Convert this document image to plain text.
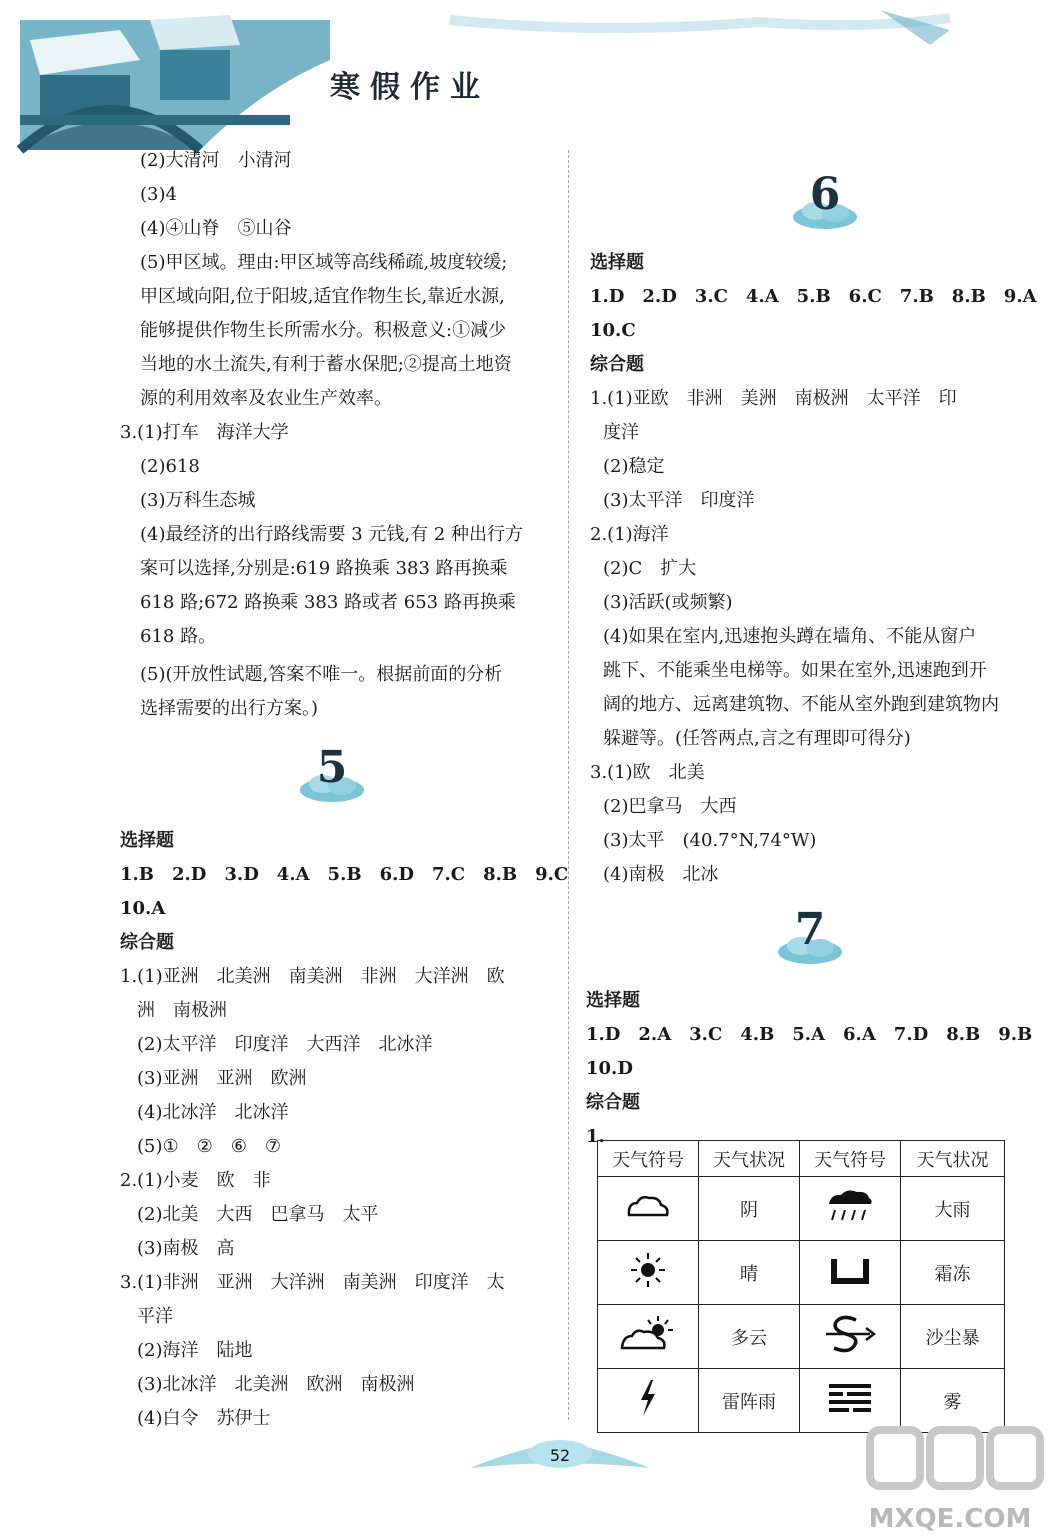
寒假作业
(2)大清河　小清河
(3)4
(4)④山脊　⑤山谷
(5)甲区域。理由:甲区域等高线稀疏,坡度较缓;
甲区域向阳,位于阳坡,适宜作物生长,靠近水源,
能够提供作物生长所需水分。积极意义:①减少
当地的水土流失,有利于蓄水保肥;②提高土地资
源的利用效率及农业生产效率。
3.(1)打车　海洋大学
(2)618
(3)万科生态城
(4)最经济的出行路线需要 3 元钱,有 2 种出行方
案可以选择,分别是:619 路换乘 383 路再换乘
618 路;672 路换乘 383 路或者 653 路再换乘
618 路。
(5)(开放性试题,答案不唯一。根据前面的分析
选择需要的出行方案。)
5
选择题
1.B　2.D　3.D　4.A　5.B　6.D　7.C　8.B　9.C
10.A
综合题
1.(1)亚洲　北美洲　南美洲　非洲　大洋洲　欧
洲　南极洲
(2)太平洋　印度洋　大西洋　北冰洋
(3)亚洲　亚洲　欧洲
(4)北冰洋　北冰洋
(5)①　②　⑥　⑦
2.(1)小麦　欧　非
(2)北美　大西　巴拿马　太平
(3)南极　高
3.(1)非洲　亚洲　大洋洲　南美洲　印度洋　太
平洋
(2)海洋　陆地
(3)北冰洋　北美洲　欧洲　南极洲
(4)白令　苏伊士
6
选择题
1.D　2.D　3.C　4.A　5.B　6.C　7.B　8.B　9.A
10.C
综合题
1.(1)亚欧　非洲　美洲　南极洲　太平洋　印
度洋
(2)稳定
(3)太平洋　印度洋
2.(1)海洋
(2)C　扩大
(3)活跃(或频繁)
(4)如果在室内,迅速抱头蹲在墙角、不能从窗户
跳下、不能乘坐电梯等。如果在室外,迅速跑到开
阔的地方、远离建筑物、不能从室外跑到建筑物内
躲避等。(任答两点,言之有理即可得分)
3.(1)欧　北美
(2)巴拿马　大西
(3)太平　(40.7°N,74°W)
(4)南极　北冰
7
选择题
1.D　2.A　3.C　4.B　5.A　6.A　7.D　8.B　9.B
10.D
综合题
1.
天气符号	天气状况	天气符号	天气状况
	阴		大雨
	晴		霜冻
	多云		沙尘暴
	雷阵雨		雾
52
MXQE.COM
